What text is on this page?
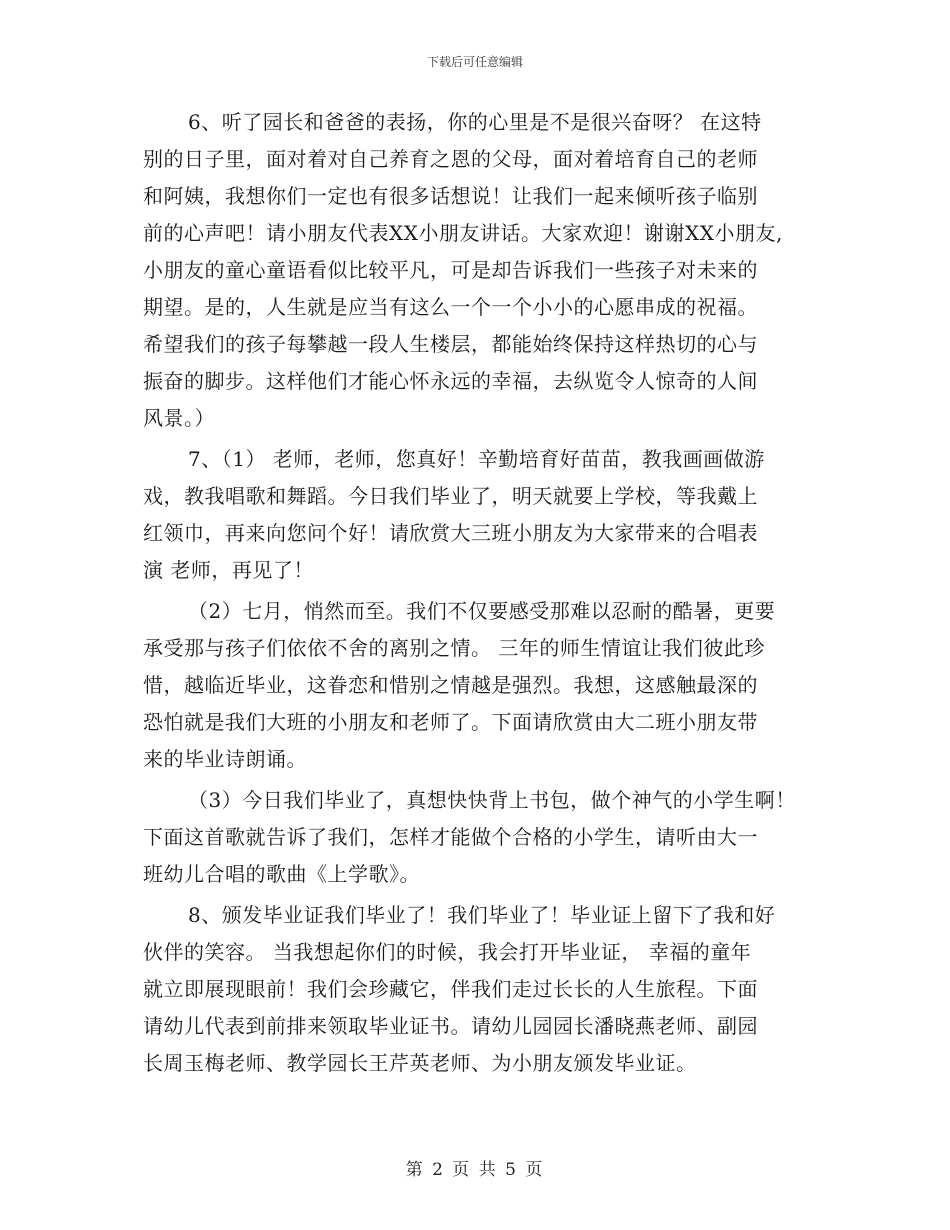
下载后可任意编辑
6、听了园长和爸爸的表扬，你的心里是不是很兴奋呀？ 在这特
别的日子里，面对着对自己养育之恩的父母，面对着培育自己的老师
和阿姨，我想你们一定也有很多话想说！让我们一起来倾听孩子临别
前的心声吧！请小朋友代表XX小朋友讲话。大家欢迎！谢谢XX小朋友,
小朋友的童心童语看似比较平凡，可是却告诉我们一些孩子对未来的
期望。是的，人生就是应当有这么一个一个小小的心愿串成的祝福。
希望我们的孩子每攀越一段人生楼层，都能始终保持这样热切的心与
振奋的脚步。这样他们才能心怀永远的幸福，去纵览令人惊奇的人间
风景。）
7、（1） 老师，老师，您真好！辛勤培育好苗苗，教我画画做游
戏，教我唱歌和舞蹈。今日我们毕业了，明天就要上学校，等我戴上
红领巾，再来向您问个好！请欣赏大三班小朋友为大家带来的合唱表
演 老师，再见了！
（2）七月，悄然而至。我们不仅要感受那难以忍耐的酷暑，更要
承受那与孩子们依依不舍的离别之情。 三年的师生情谊让我们彼此珍
惜，越临近毕业，这眷恋和惜别之情越是强烈。我想，这感触最深的
恐怕就是我们大班的小朋友和老师了。下面请欣赏由大二班小朋友带
来的毕业诗朗诵。
（3）今日我们毕业了，真想快快背上书包，做个神气的小学生啊！
下面这首歌就告诉了我们，怎样才能做个合格的小学生，请听由大一
班幼儿合唱的歌曲《上学歌》。
8、颁发毕业证我们毕业了！我们毕业了！毕业证上留下了我和好
伙伴的笑容。 当我想起你们的时候，我会打开毕业证， 幸福的童年
就立即展现眼前！我们会珍藏它，伴我们走过长长的人生旅程。下面
请幼儿代表到前排来领取毕业证书。请幼儿园园长潘晓燕老师、副园
长周玉梅老师、教学园长王芹英老师、为小朋友颁发毕业证。
第 2 页 共 5 页
